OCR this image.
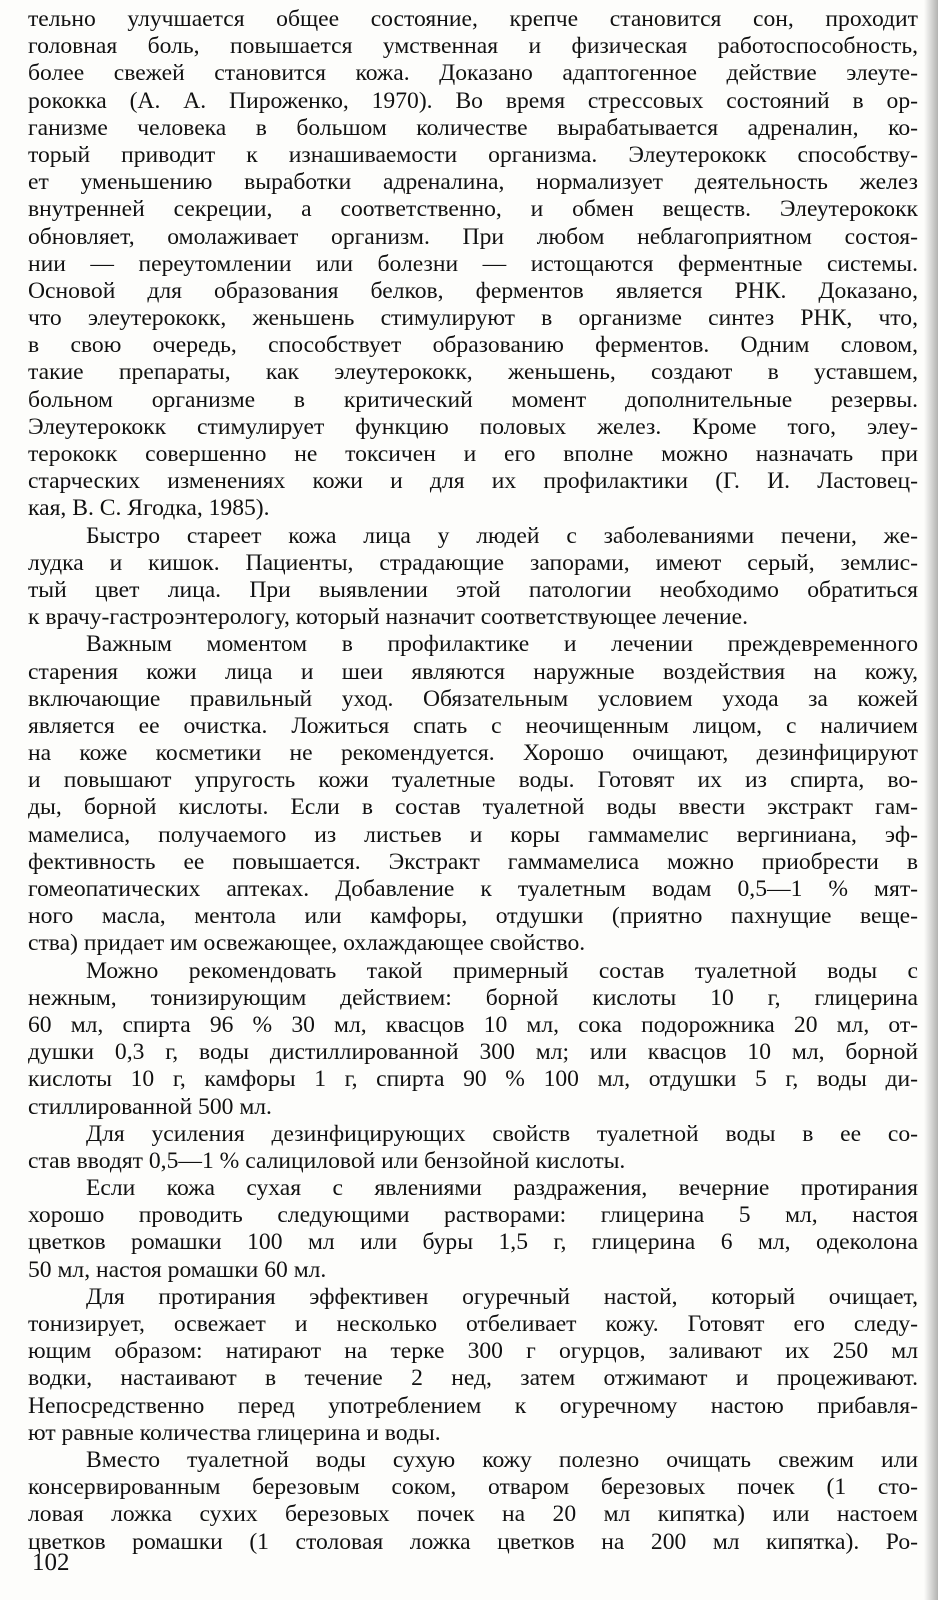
тельно улучшается общее состояние, крепче становится сон, проходит
головная боль, повышается умственная и физическая работоспособность,
более свежей становится кожа. Доказано адаптогенное действие элеуте-
рококка (А. А. Пироженко, 1970). Во время стрессовых состояний в ор-
ганизме человека в большом количестве вырабатывается адреналин, ко-
торый приводит к изнашиваемости организма. Элеутерококк способству-
ет уменьшению выработки адреналина, нормализует деятельность желез
внутренней секреции, а соответственно, и обмен веществ. Элеутерококк
обновляет, омолаживает организм. При любом неблагоприятном состоя-
нии — переутомлении или болезни — истощаются ферментные системы.
Основой для образования белков, ферментов является РНК. Доказано,
что элеутерококк, женьшень стимулируют в организме синтез РНК, что,
в свою очередь, способствует образованию ферментов. Одним словом,
такие препараты, как элеутерококк, женьшень, создают в уставшем,
больном организме в критический момент дополнительные резервы.
Элеутерококк стимулирует функцию половых желез. Кроме того, элеу-
терококк совершенно не токсичен и его вполне можно назначать при
старческих изменениях кожи и для их профилактики (Г. И. Ластовец-
кая, В. С. Ягодка, 1985).
Быстро стареет кожа лица у людей с заболеваниями печени, же-
лудка и кишок. Пациенты, страдающие запорами, имеют серый, землис-
тый цвет лица. При выявлении этой патологии необходимо обратиться
к врачу-гастроэнтерологу, который назначит соответствующее лечение.
Важным моментом в профилактике и лечении преждевременного
старения кожи лица и шеи являются наружные воздействия на кожу,
включающие правильный уход. Обязательным условием ухода за кожей
является ее очистка. Ложиться спать с неочищенным лицом, с наличием
на коже косметики не рекомендуется. Хорошо очищают, дезинфицируют
и повышают упругость кожи туалетные воды. Готовят их из спирта, во-
ды, борной кислоты. Если в состав туалетной воды ввести экстракт гам-
мамелиса, получаемого из листьев и коры гаммамелис вергиниана, эф-
фективность ее повышается. Экстракт гаммамелиса можно приобрести в
гомеопатических аптеках. Добавление к туалетным водам 0,5—1 % мят-
ного масла, ментола или камфоры, отдушки (приятно пахнущие веще-
ства) придает им освежающее, охлаждающее свойство.
Можно рекомендовать такой примерный состав туалетной воды с
нежным, тонизирующим действием: борной кислоты 10 г, глицерина
60 мл, спирта 96 % 30 мл, квасцов 10 мл, сока подорожника 20 мл, от-
душки 0,3 г, воды дистиллированной 300 мл; или квасцов 10 мл, борной
кислоты 10 г, камфоры 1 г, спирта 90 % 100 мл, отдушки 5 г, воды ди-
стиллированной 500 мл.
Для усиления дезинфицирующих свойств туалетной воды в ее со-
став вводят 0,5—1 % салициловой или бензойной кислоты.
Если кожа сухая с явлениями раздражения, вечерние протирания
хорошо проводить следующими растворами: глицерина 5 мл, настоя
цветков ромашки 100 мл или буры 1,5 г, глицерина 6 мл, одеколона
50 мл, настоя ромашки 60 мл.
Для протирания эффективен огуречный настой, который очищает,
тонизирует, освежает и несколько отбеливает кожу. Готовят его следу-
ющим образом: натирают на терке 300 г огурцов, заливают их 250 мл
водки, настаивают в течение 2 нед, затем отжимают и процеживают.
Непосредственно перед употреблением к огуречному настою прибавля-
ют равные количества глицерина и воды.
Вместо туалетной воды сухую кожу полезно очищать свежим или
консервированным березовым соком, отваром березовых почек (1 сто-
ловая ложка сухих березовых почек на 20 мл кипятка) или настоем
цветков ромашки (1 столовая ложка цветков на 200 мл кипятка). Ро-
102
